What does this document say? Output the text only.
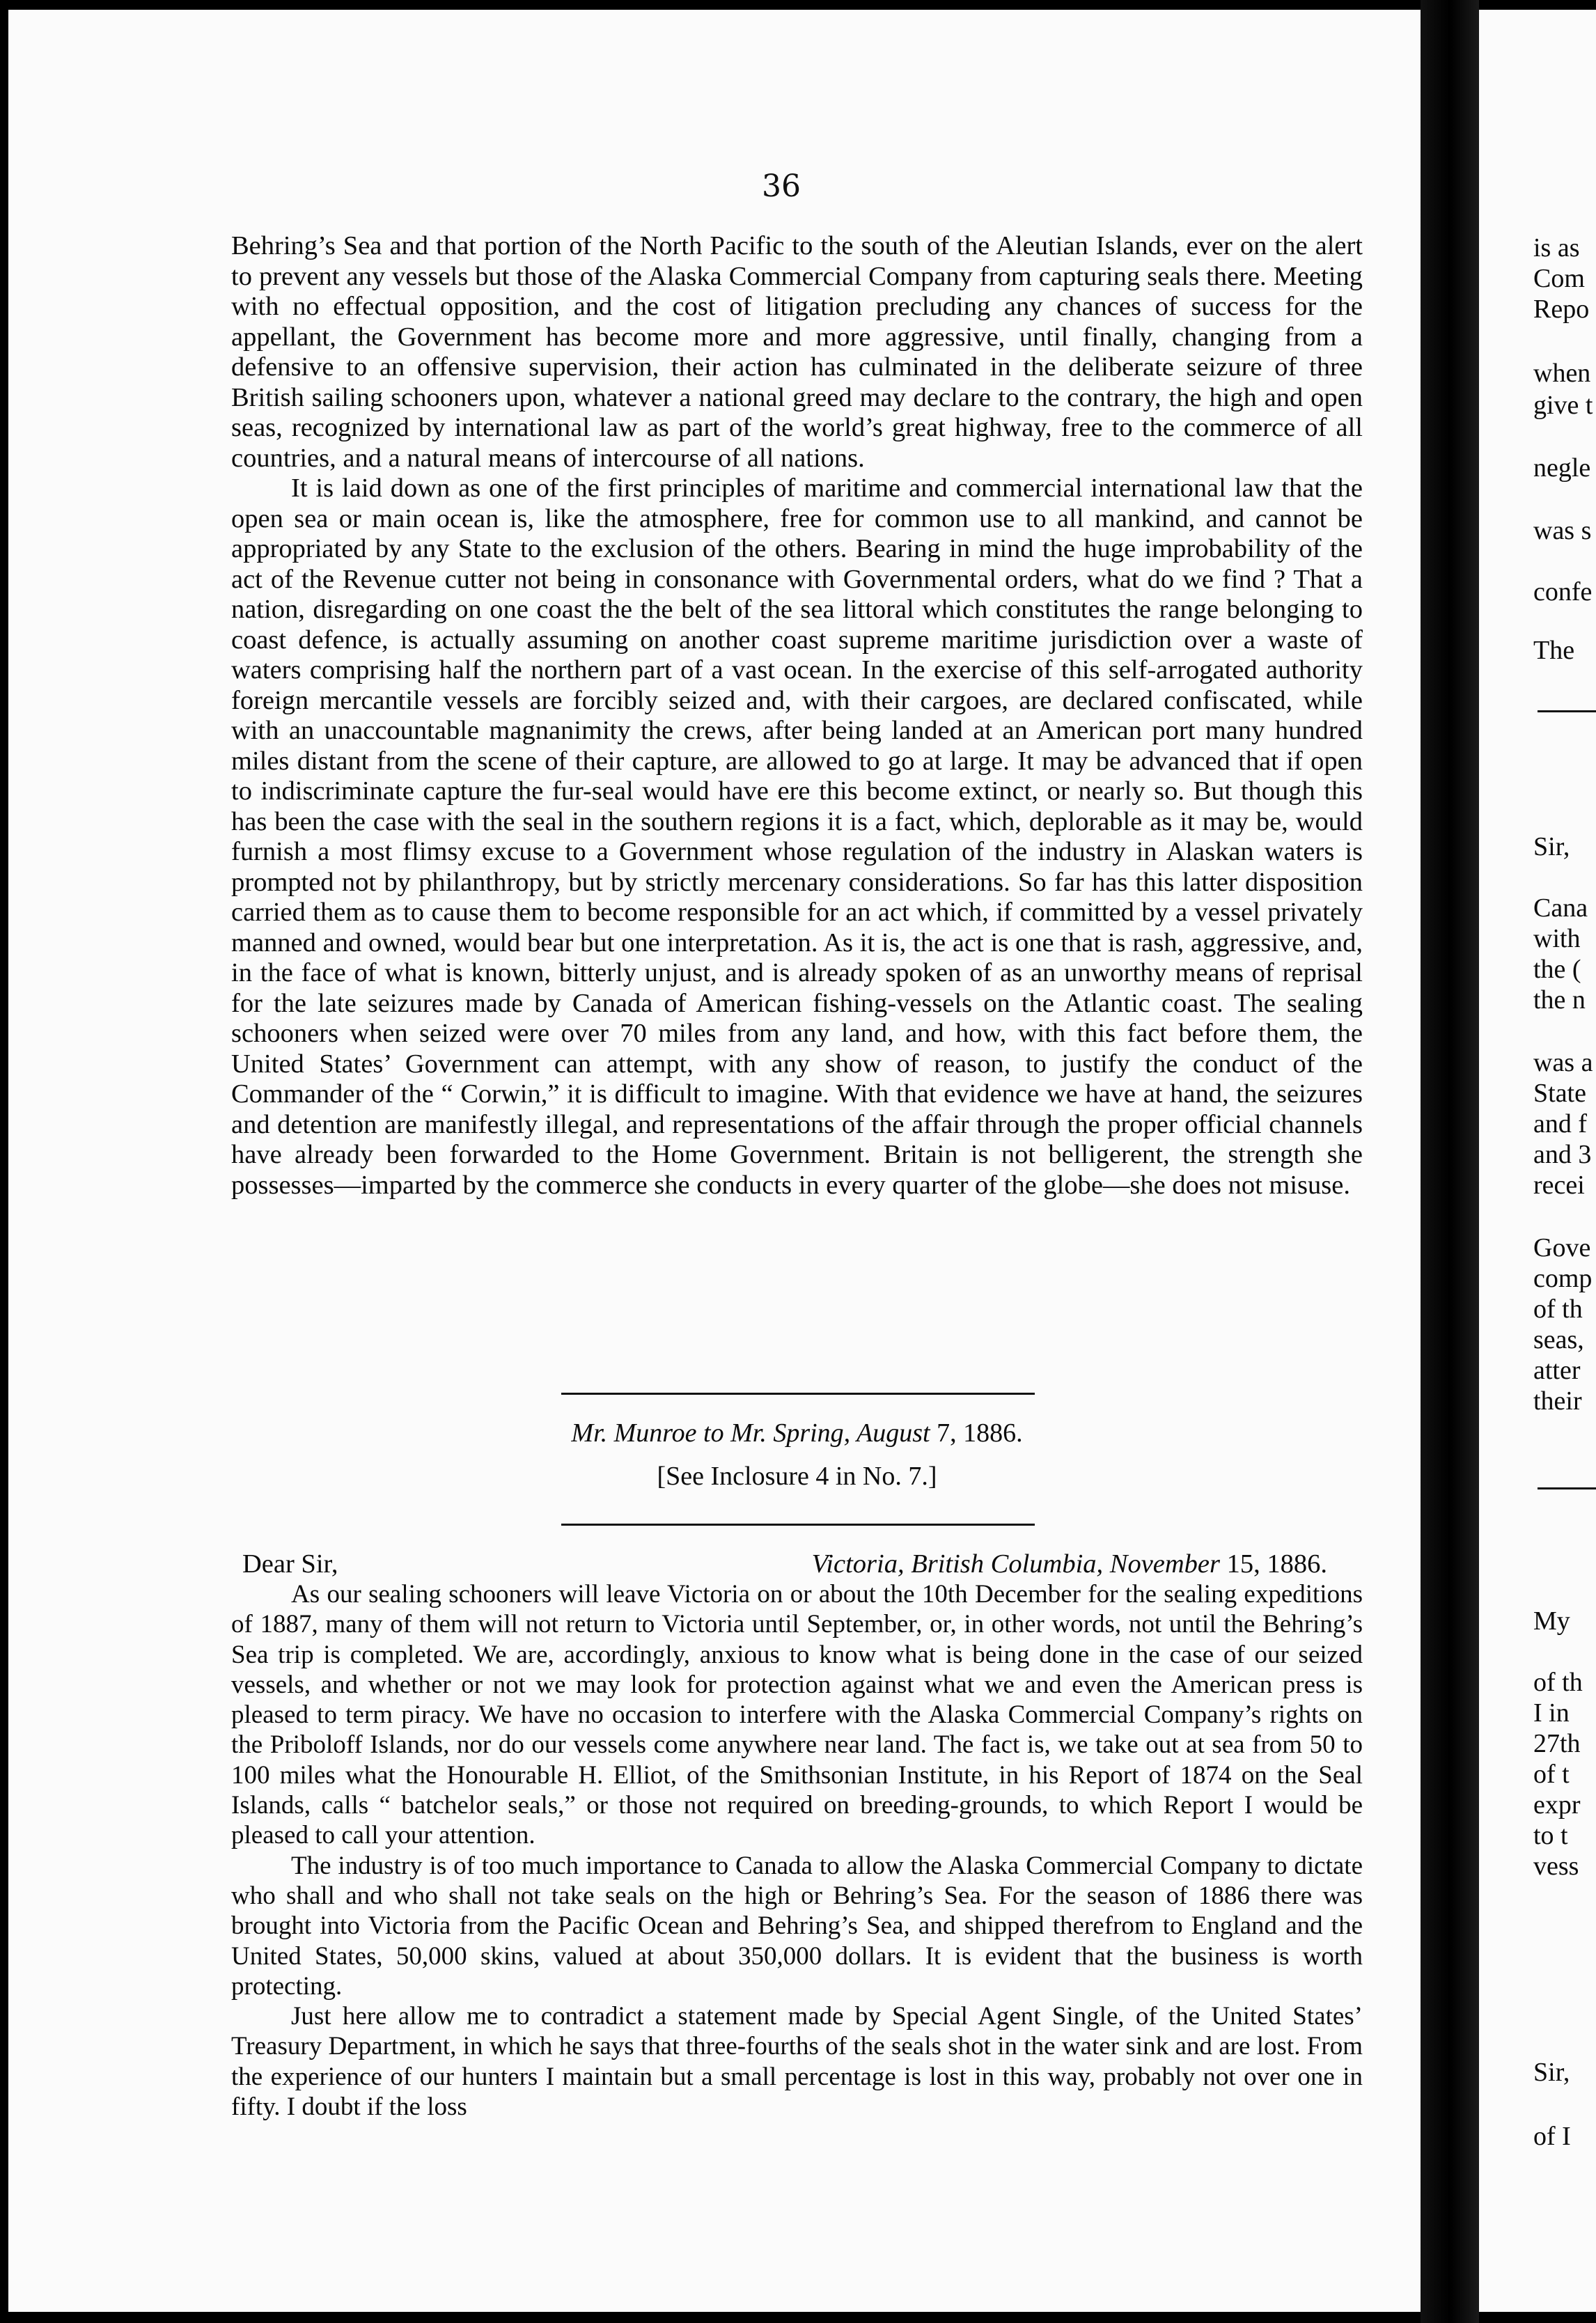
36

Behring’s Sea and that portion of the North Pacific to the south of the Aleutian Islands, ever on the alert to prevent any vessels but those of the Alaska Commercial Company from capturing seals there. Meeting with no effectual opposition, and the cost of litigation precluding any chances of success for the appellant, the Government has become more and more aggressive, until finally, changing from a defensive to an offensive supervision, their action has culminated in the deliberate seizure of three British sailing schooners upon, whatever a national greed may declare to the contrary, the high and open seas, recognized by international law as part of the world’s great highway, free to the commerce of all countries, and a natural means of intercourse of all nations.

It is laid down as one of the first principles of maritime and commercial international law that the open sea or main ocean is, like the atmosphere, free for common use to all mankind, and cannot be appropriated by any State to the exclusion of the others. Bearing in mind the huge improbability of the act of the Revenue cutter not being in consonance with Governmental orders, what do we find ? That a nation, disregarding on one coast the the belt of the sea littoral which constitutes the range belonging to coast defence, is actually assuming on another coast supreme maritime jurisdiction over a waste of waters comprising half the northern part of a vast ocean. In the exercise of this self-arrogated authority foreign mercantile vessels are forcibly seized and, with their cargoes, are declared confiscated, while with an unaccountable magnanimity the crews, after being landed at an American port many hundred miles distant from the scene of their capture, are allowed to go at large. It may be advanced that if open to indiscriminate capture the fur-seal would have ere this become extinct, or nearly so. But though this has been the case with the seal in the southern regions it is a fact, which, deplorable as it may be, would furnish a most flimsy excuse to a Government whose regulation of the industry in Alaskan waters is prompted not by philanthropy, but by strictly mercenary considerations. So far has this latter disposition carried them as to cause them to become responsible for an act which, if committed by a vessel privately manned and owned, would bear but one interpretation. As it is, the act is one that is rash, aggressive, and, in the face of what is known, bitterly unjust, and is already spoken of as an unworthy means of reprisal for the late seizures made by Canada of American fishing-vessels on the Atlantic coast. The sealing schooners when seized were over 70 miles from any land, and how, with this fact before them, the United States’ Government can attempt, with any show of reason, to justify the conduct of the Commander of the “ Corwin,” it is difficult to imagine. With that evidence we have at hand, the seizures and detention are manifestly illegal, and representations of the affair through the proper official channels have already been forwarded to the Home Government. Britain is not belligerent, the strength she possesses—imparted by the commerce she conducts in every quarter of the globe—she does not misuse.

Mr. Munroe to Mr. Spring, August 7, 1886.
[See Inclosure 4 in No. 7.]
Dear Sir,	Victoria, British Columbia, November 15, 1886.

As our sealing schooners will leave Victoria on or about the 10th December for the sealing expeditions of 1887, many of them will not return to Victoria until September, or, in other words, not until the Behring’s Sea trip is completed. We are, accordingly, anxious to know what is being done in the case of our seized vessels, and whether or not we may look for protection against what we and even the American press is pleased to term piracy. We have no occasion to interfere with the Alaska Commercial Company’s rights on the Priboloff Islands, nor do our vessels come anywhere near land. The fact is, we take out at sea from 50 to 100 miles what the Honourable H. Elliot, of the Smithsonian Institute, in his Report of 1874 on the Seal Islands, calls “ batchelor seals,” or those not required on breeding-grounds, to which Report I would be pleased to call your attention.

The industry is of too much importance to Canada to allow the Alaska Commercial Company to dictate who shall and who shall not take seals on the high or Behring’s Sea. For the season of 1886 there was brought into Victoria from the Pacific Ocean and Behring’s Sea, and shipped therefrom to England and the United States, 50,000 skins, valued at about 350,000 dollars. It is evident that the business is worth protecting.

Just here allow me to contradict a statement made by Special Agent Single, of the United States’ Treasury Department, in which he says that three-fourths of the seals shot in the water sink and are lost. From the experience of our hunters I maintain but a small percentage is lost in this way, probably not over one in fifty. I doubt if the loss

is as
Com
Repo
when
give t
negle
was s
confe
The
Sir,
Cana
with
the (
the n
was a
State
and f
and 3
recei
Gove
comp
of th
seas,
atter
their
My
of th
I in
27th
of t
expr
to t
vess
Sir,
of I
